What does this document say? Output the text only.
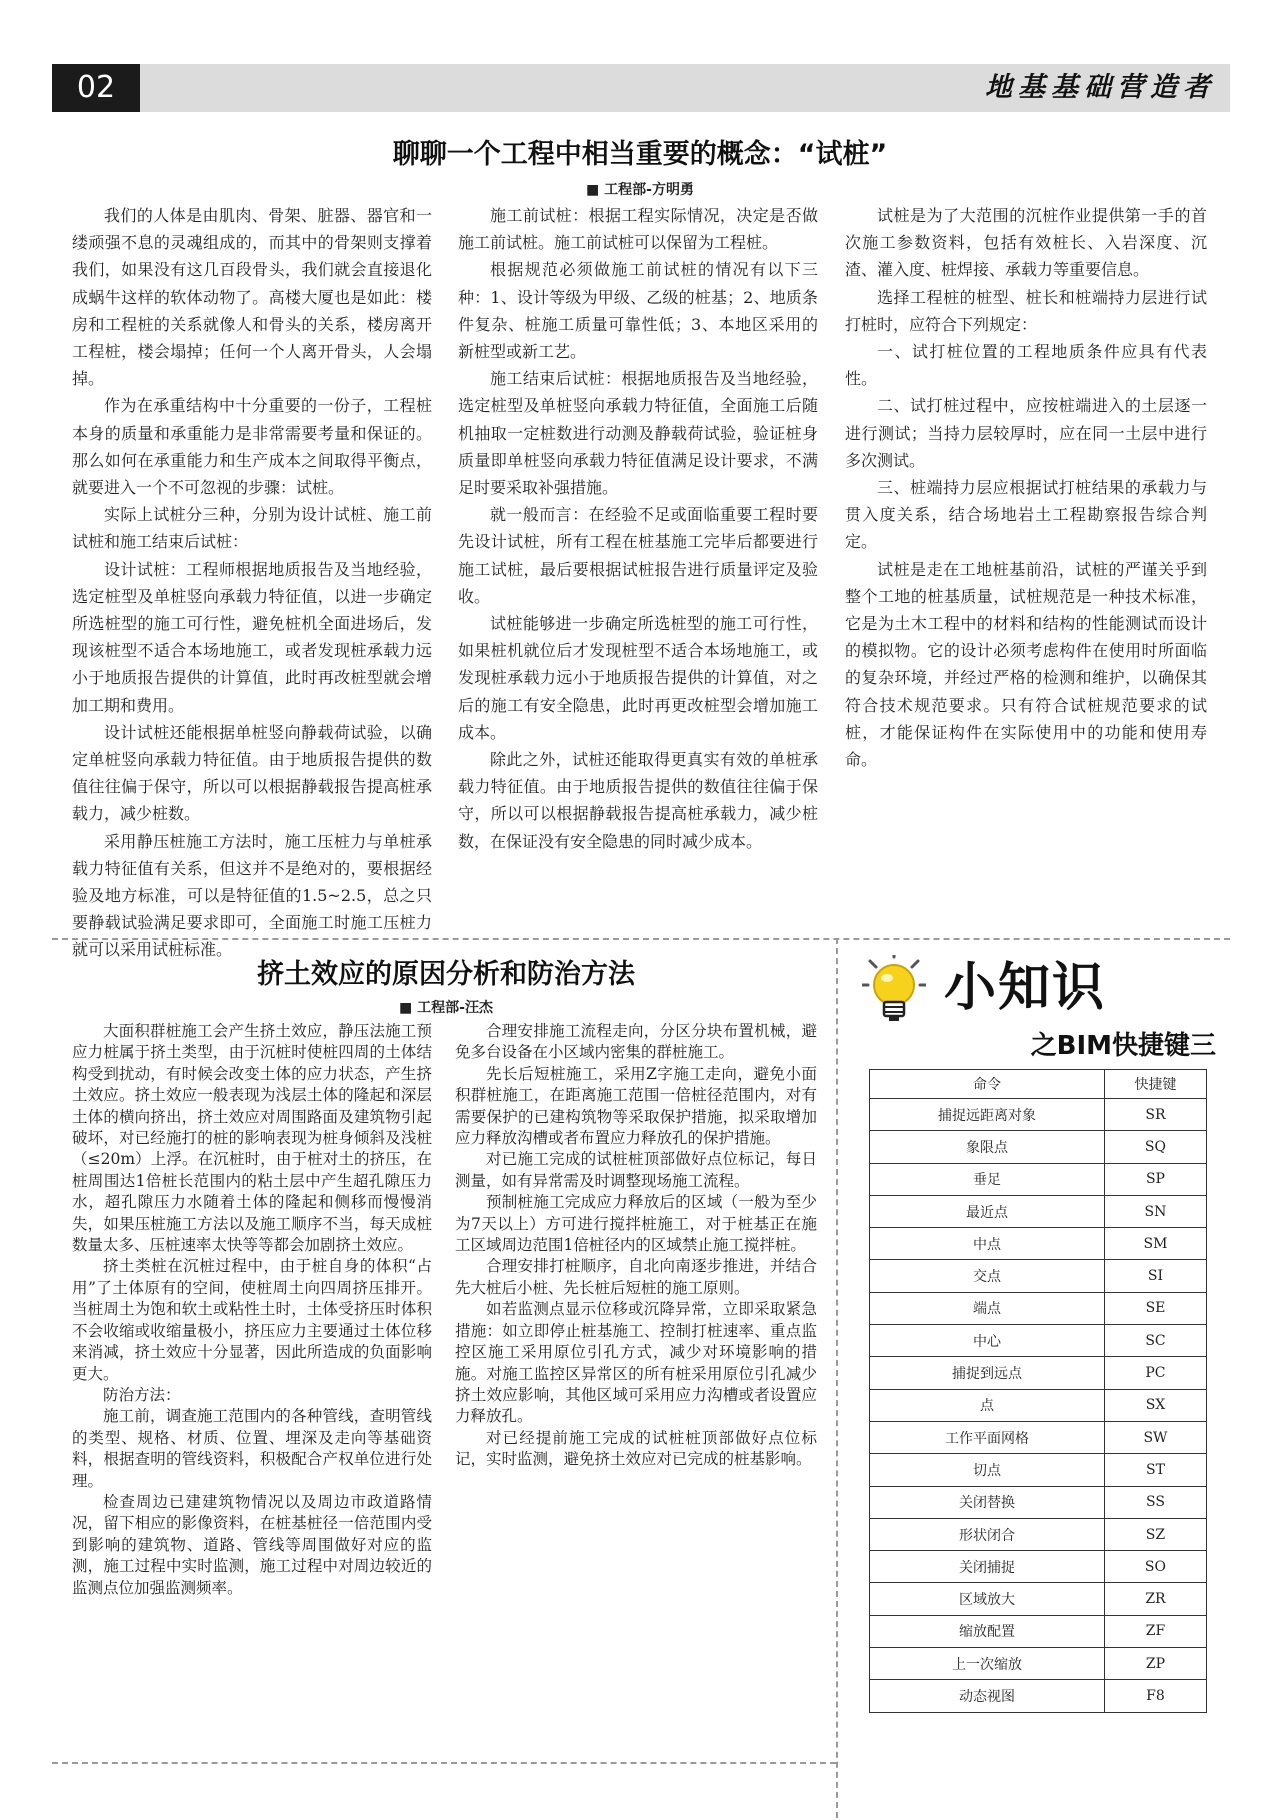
02	地基基础营造者
聊聊一个工程中相当重要的概念：“试桩”
■ 工程部-方明勇

我们的人体是由肌肉、骨架、脏器、器官和一缕顽强不息的灵魂组成的，而其中的骨架则支撑着我们，如果没有这几百段骨头，我们就会直接退化成蜗牛这样的软体动物了。高楼大厦也是如此：楼房和工程桩的关系就像人和骨头的关系，楼房离开工程桩，楼会塌掉；任何一个人离开骨头，人会塌掉。

作为在承重结构中十分重要的一份子，工程桩本身的质量和承重能力是非常需要考量和保证的。那么如何在承重能力和生产成本之间取得平衡点，就要进入一个不可忽视的步骤：试桩。

实际上试桩分三种，分别为设计试桩、施工前试桩和施工结束后试桩：

设计试桩：工程师根据地质报告及当地经验，选定桩型及单桩竖向承载力特征值，以进一步确定所选桩型的施工可行性，避免桩机全面进场后，发现该桩型不适合本场地施工，或者发现桩承载力远小于地质报告提供的计算值，此时再改桩型就会增加工期和费用。

设计试桩还能根据单桩竖向静载荷试验，以确定单桩竖向承载力特征值。由于地质报告提供的数值往往偏于保守，所以可以根据静载报告提高桩承载力，减少桩数。

采用静压桩施工方法时，施工压桩力与单桩承载力特征值有关系，但这并不是绝对的，要根据经验及地方标准，可以是特征值的1.5~2.5，总之只要静载试验满足要求即可，全面施工时施工压桩力就可以采用试桩标准。

施工前试桩：根据工程实际情况，决定是否做施工前试桩。施工前试桩可以保留为工程桩。

根据规范必须做施工前试桩的情况有以下三种：1、设计等级为甲级、乙级的桩基；2、地质条件复杂、桩施工质量可靠性低；3、本地区采用的新桩型或新工艺。

施工结束后试桩：根据地质报告及当地经验，选定桩型及单桩竖向承载力特征值，全面施工后随机抽取一定桩数进行动测及静载荷试验，验证桩身质量即单桩竖向承载力特征值满足设计要求，不满足时要采取补强措施。

就一般而言：在经验不足或面临重要工程时要先设计试桩，所有工程在桩基施工完毕后都要进行施工试桩，最后要根据试桩报告进行质量评定及验收。

试桩能够进一步确定所选桩型的施工可行性，如果桩机就位后才发现桩型不适合本场地施工，或发现桩承载力远小于地质报告提供的计算值，对之后的施工有安全隐患，此时再更改桩型会增加施工成本。

除此之外，试桩还能取得更真实有效的单桩承载力特征值。由于地质报告提供的数值往往偏于保守，所以可以根据静载报告提高桩承载力，减少桩数，在保证没有安全隐患的同时减少成本。

试桩是为了大范围的沉桩作业提供第一手的首次施工参数资料，包括有效桩长、入岩深度、沉渣、灌入度、桩焊接、承载力等重要信息。

选择工程桩的桩型、桩长和桩端持力层进行试打桩时，应符合下列规定：

一、试打桩位置的工程地质条件应具有代表性。

二、试打桩过程中，应按桩端进入的土层逐一进行测试；当持力层较厚时，应在同一土层中进行多次测试。

三、桩端持力层应根据试打桩结果的承载力与贯入度关系，结合场地岩土工程勘察报告综合判定。

试桩是走在工地桩基前沿，试桩的严谨关乎到整个工地的桩基质量，试桩规范是一种技术标准，它是为土木工程中的材料和结构的性能测试而设计的模拟物。它的设计必须考虑构件在使用时所面临的复杂环境，并经过严格的检测和维护，以确保其符合技术规范要求。只有符合试桩规范要求的试桩，才能保证构件在实际使用中的功能和使用寿命。

挤土效应的原因分析和防治方法
■ 工程部-汪杰

大面积群桩施工会产生挤土效应，静压法施工预应力桩属于挤土类型，由于沉桩时使桩四周的土体结构受到扰动，有时候会改变土体的应力状态，产生挤土效应。挤土效应一般表现为浅层土体的隆起和深层土体的横向挤出，挤土效应对周围路面及建筑物引起破坏，对已经施打的桩的影响表现为桩身倾斜及浅桩（≤20m）上浮。在沉桩时，由于桩对土的挤压，在桩周围达1倍桩长范围内的粘土层中产生超孔隙压力水，超孔隙压力水随着土体的隆起和侧移而慢慢消失，如果压桩施工方法以及施工顺序不当，每天成桩数量太多、压桩速率太快等等都会加剧挤土效应。

挤土类桩在沉桩过程中，由于桩自身的体积“占用”了土体原有的空间，使桩周土向四周挤压排开。当桩周土为饱和软土或粘性土时，土体受挤压时体积不会收缩或收缩量极小，挤压应力主要通过土体位移来消减，挤土效应十分显著，因此所造成的负面影响更大。

防治方法：

施工前，调查施工范围内的各种管线，查明管线的类型、规格、材质、位置、埋深及走向等基础资料，根据查明的管线资料，积极配合产权单位进行处理。

检查周边已建建筑物情况以及周边市政道路情况，留下相应的影像资料，在桩基桩径一倍范围内受到影响的建筑物、道路、管线等周围做好对应的监测，施工过程中实时监测，施工过程中对周边较近的监测点位加强监测频率。

合理安排施工流程走向，分区分块布置机械，避免多台设备在小区域内密集的群桩施工。

先长后短桩施工，采用Z字施工走向，避免小面积群桩施工，在距离施工范围一倍桩径范围内，对有需要保护的已建构筑物等采取保护措施，拟采取增加应力释放沟槽或者布置应力释放孔的保护措施。

对已施工完成的试桩桩顶部做好点位标记，每日测量，如有异常需及时调整现场施工流程。

预制桩施工完成应力释放后的区域（一般为至少为7天以上）方可进行搅拌桩施工，对于桩基正在施工区域周边范围1倍桩径内的区域禁止施工搅拌桩。

合理安排打桩顺序，自北向南逐步推进，并结合先大桩后小桩、先长桩后短桩的施工原则。

如若监测点显示位移或沉降异常，立即采取紧急措施：如立即停止桩基施工、控制打桩速率、重点监控区施工采用原位引孔方式，减少对环境影响的措施。对施工监控区异常区的所有桩采用原位引孔减少挤土效应影响，其他区域可采用应力沟槽或者设置应力释放孔。

对已经提前施工完成的试桩桩顶部做好点位标记，实时监测，避免挤土效应对已完成的桩基影响。

小知识
之BIM快捷键三
命令	快捷键
捕捉远距离对象	SR
象限点	SQ
垂足	SP
最近点	SN
中点	SM
交点	SI
端点	SE
中心	SC
捕捉到远点	PC
点	SX
工作平面网格	SW
切点	ST
关闭替换	SS
形状闭合	SZ
关闭捕捉	SO
区域放大	ZR
缩放配置	ZF
上一次缩放	ZP
动态视图	F8
